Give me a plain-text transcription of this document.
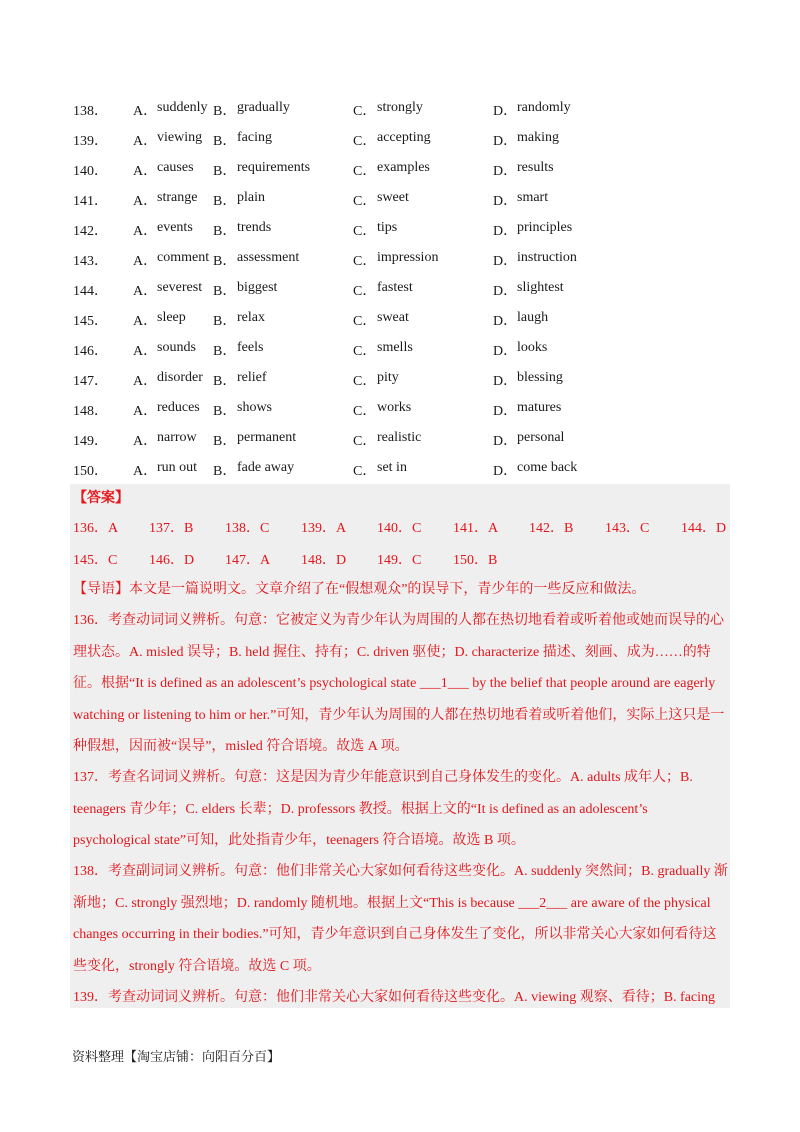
138．	A． suddenly B． gradually	C． strongly	D． randomly
139．	A． viewing B． facing	C． accepting	D． making
140．	A． causes B． requirements	C． examples	D． results
141．	A． strange B． plain	C． sweet	D． smart
142．	A． events B． trends	C． tips	D． principles
143．	A． comment B． assessment	C． impression	D． instruction
144．	A． severest B． biggest	C． fastest	D． slightest
145．	A． sleep B． relax	C． sweat	D． laugh
146．	A． sounds B． feels	C． smells	D． looks
147．	A． disorder B． relief	C． pity	D． blessing
148．	A． reduces B． shows	C． works	D． matures
149．	A． narrow B． permanent	C． realistic	D． personal
150．	A． run out B． fade away	C． set in	D． come back
【答案】
136．A	137．B	138．C	139．A	140．C	141．A	142．B	143．C	144．D
145．C	146．D	147．A	148．D	149．C	150．B

【导语】本文是一篇说明文。文章介绍了在“假想观众”的误导下，青少年的一些反应和做法。

136．考查动词词义辨析。句意：它被定义为青少年认为周围的人都在热切地看着或听着他或她而误导的心理状态。A. misled 误导；B. held 握住、持有；C. driven 驱使；D. characterize 描述、刻画、成为……的特征。根据“It is defined as an adolescent’s psychological state ___1___ by the belief that people around are eagerly watching or listening to him or her.”可知，青少年认为周围的人都在热切地看着或听着他们，实际上这只是一种假想，因而被“误导”，misled 符合语境。故选 A 项。

137．考查名词词义辨析。句意：这是因为青少年能意识到自己身体发生的变化。A. adults 成年人；B. teenagers 青少年；C. elders 长辈；D. professors 教授。根据上文的“It is defined as an adolescent’s psychological state”可知，此处指青少年，teenagers 符合语境。故选 B 项。

138．考查副词词义辨析。句意：他们非常关心大家如何看待这些变化。A. suddenly 突然间；B. gradually 渐渐地；C. strongly 强烈地；D. randomly 随机地。根据上文“This is because ___2___ are aware of the physical changes occurring in their bodies.”可知，青少年意识到自己身体发生了变化，所以非常关心大家如何看待这些变化，strongly 符合语境。故选 C 项。

139．考查动词词义辨析。句意：他们非常关心大家如何看待这些变化。A. viewing 观察、看待；B. facing

资料整理【淘宝店铺：向阳百分百】
